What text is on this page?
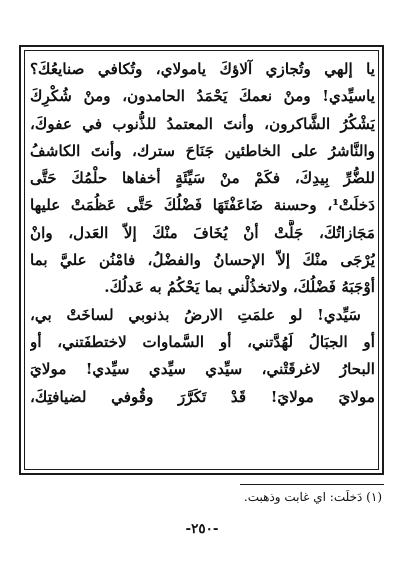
يا إلهي وتُجازي آلاؤكَ يامولاي، وتُكافي صنايعُكَ؟
ياسيِّدي! ومنْ نعمكَ يَحْمَدُ الحامدون، ومنْ شُكْرِكَ
يَشْكُرُ الشَّاكرون، وأنتَ المعتمدُ للذُّنوب في عفوكَ،
والنَّاشرُ على الخاطئين جَنَاحَ سترك، وأنتَ الكاشفُ
للضُّرِّ بِيدِكَ، فكَمْ منْ سَيِّئَةٍ أخفاها حلْمُكَ حَتَّى
دَخلَتْ¹، وحسنة ضَاعَفْتَهَا فَضْلُكَ حَتَّى عَظُمَتْ عليها
مَجَازاتُكَ، جَلَّتْ أنْ يُخَافَ منْكَ إلاّ العَدل، وانْ
يُرْجَى منْكَ إلاّ الإحسانُ والفضْلُ، فامْنُن عليَّ بما
أوْجَبَهُ فَضْلُكَ، ولاتخذُلْني بما يَحْكُمُ به عَدلُكَ.
سَيِّدي! لو علمَتِ الارضُ بذنوبي لساخَتْ بي،
أو الجبَالُ لَهُدَّتني، أو السَّماوات لاختطفَتني، أو
البحارُ لاغرقَتْني، سيِّدي سيِّدي سيِّدي! مولايَ
مولايَ مولايَ! قَدْ تَكَرَّرَ وقُوفي لضيافتِكَ،
(١) دَخلَت: اي غابت وذهبت.
-٢٥٠-
